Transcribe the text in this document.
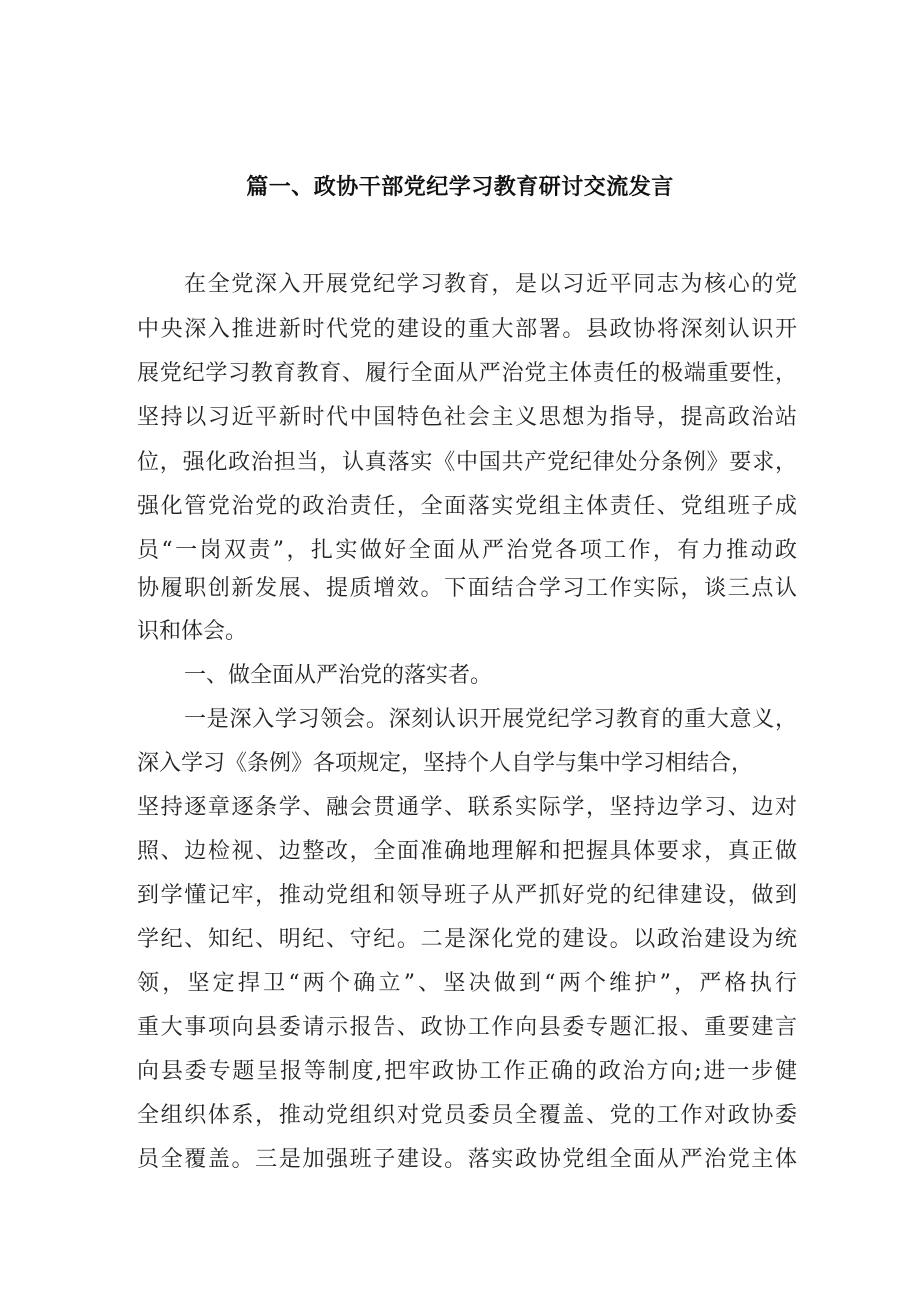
篇一、政协干部党纪学习教育研讨交流发言
在全党深入开展党纪学习教育，是以习近平同志为核心的党
中央深入推进新时代党的建设的重大部署。县政协将深刻认识开
展党纪学习教育教育、履行全面从严治党主体责任的极端重要性，
坚持以习近平新时代中国特色社会主义思想为指导，提高政治站
位，强化政治担当，认真落实《中国共产党纪律处分条例》要求，
强化管党治党的政治责任，全面落实党组主体责任、党组班子成
员“一岗双责”，扎实做好全面从严治党各项工作，有力推动政
协履职创新发展、提质增效。下面结合学习工作实际，谈三点认
识和体会。
一、做全面从严治党的落实者。
一是深入学习领会。深刻认识开展党纪学习教育的重大意义，
深入学习《条例》各项规定，坚持个人自学与集中学习相结合，
坚持逐章逐条学、融会贯通学、联系实际学，坚持边学习、边对
照、边检视、边整改，全面准确地理解和把握具体要求，真正做
到学懂记牢，推动党组和领导班子从严抓好党的纪律建设，做到
学纪、知纪、明纪、守纪。二是深化党的建设。以政治建设为统
领，坚定捍卫“两个确立”、坚决做到“两个维护”，严格执行
重大事项向县委请示报告、政协工作向县委专题汇报、重要建言
向县委专题呈报等制度,把牢政协工作正确的政治方向;进一步健
全组织体系，推动党组织对党员委员全覆盖、党的工作对政协委
员全覆盖。三是加强班子建设。落实政协党组全面从严治党主体
